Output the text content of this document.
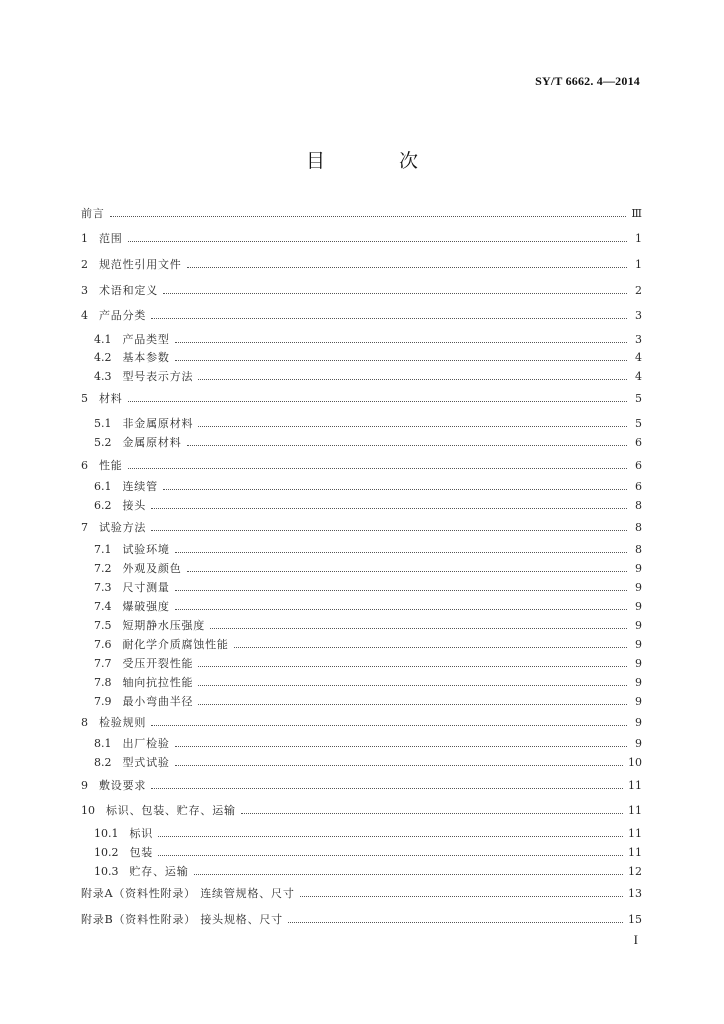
SY/T 6662. 4—2014
目 次
前言	Ⅲ
1 范围	1
2 规范性引用文件	1
3 术语和定义	2
4 产品分类	3
4.1 产品类型	3
4.2 基本参数	4
4.3 型号表示方法	4
5 材料	5
5.1 非金属原材料	5
5.2 金属原材料	6
6 性能	6
6.1 连续管	6
6.2 接头	8
7 试验方法	8
7.1 试验环境	8
7.2 外观及颜色	9
7.3 尺寸测量	9
7.4 爆破强度	9
7.5 短期静水压强度	9
7.6 耐化学介质腐蚀性能	9
7.7 受压开裂性能	9
7.8 轴向抗拉性能	9
7.9 最小弯曲半径	9
8 检验规则	9
8.1 出厂检验	9
8.2 型式试验	10
9 敷设要求	11
10 标识、包装、贮存、运输	11
10.1 标识	11
10.2 包装	11
10.3 贮存、运输	12
附录A（资料性附录） 连续管规格、尺寸	13
附录B（资料性附录） 接头规格、尺寸	15
I
